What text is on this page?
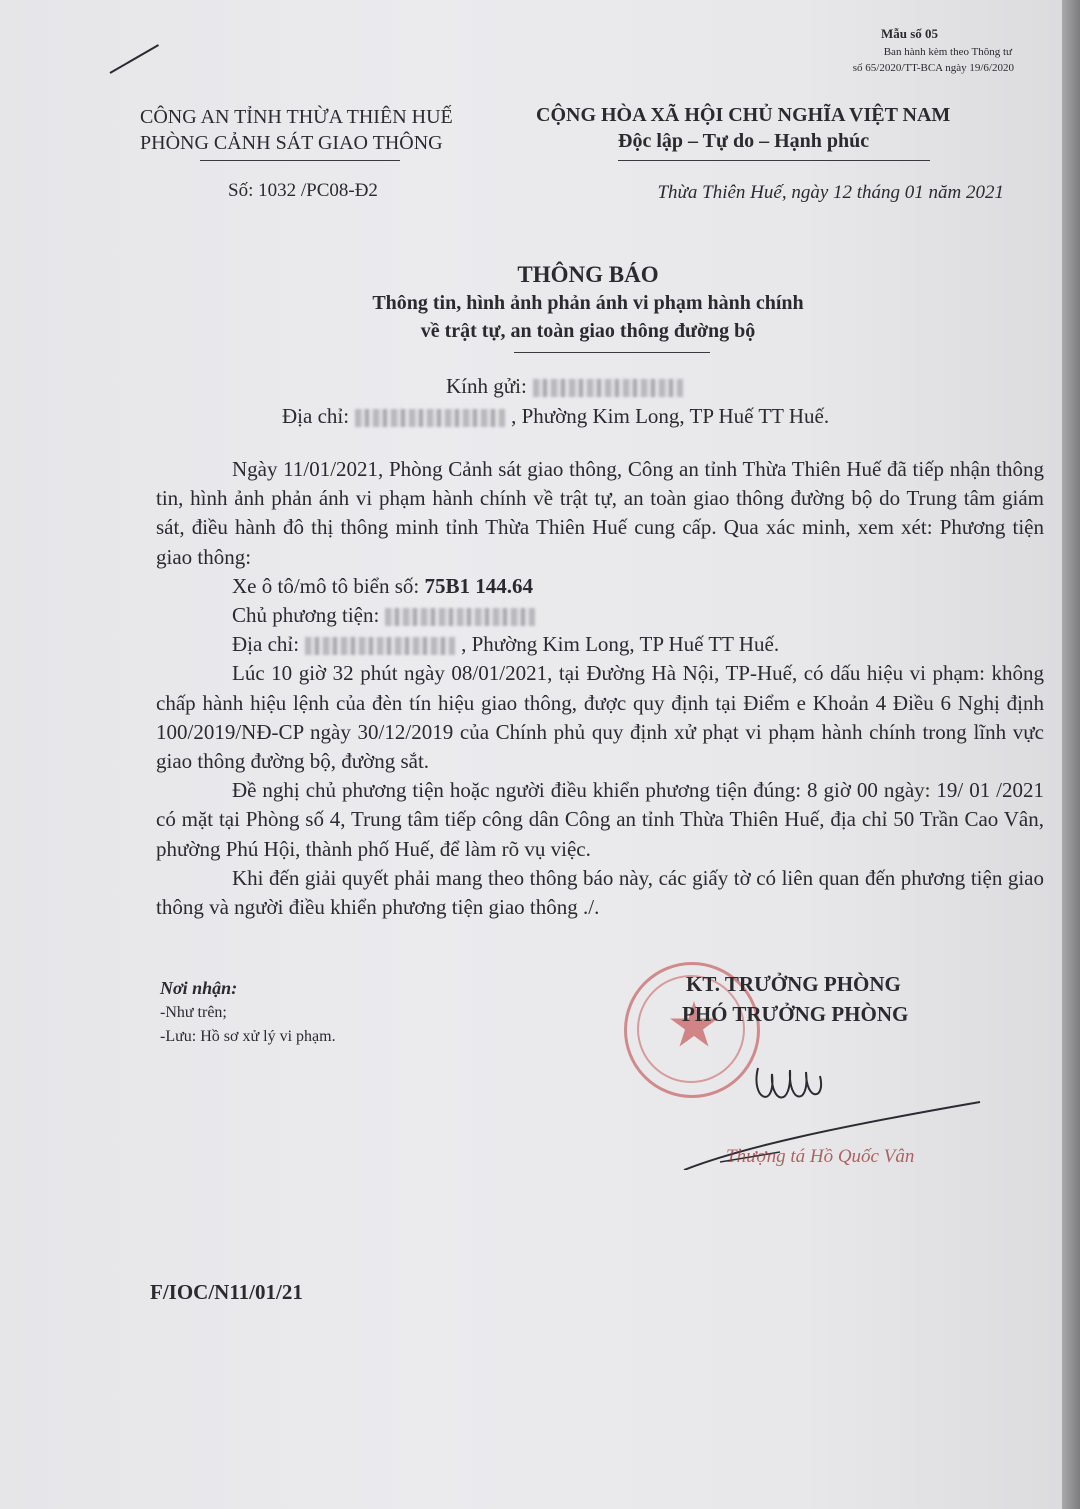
Mẫu số 05
Ban hành kèm theo Thông tư
số 65/2020/TT-BCA ngày 19/6/2020
CÔNG AN TỈNH THỪA THIÊN HUẾ
PHÒNG CẢNH SÁT GIAO THÔNG
CỘNG HÒA XÃ HỘI CHỦ NGHĨA VIỆT NAM
Độc lập – Tự do – Hạnh phúc
Số: 1032 /PC08-Đ2	Thừa Thiên Huế, ngày 12 tháng 01 năm 2021
THÔNG BÁO
Thông tin, hình ảnh phản ánh vi phạm hành chính
về trật tự, an toàn giao thông đường bộ
Kính gửi:
Địa chỉ:	, Phường Kim Long, TP Huế TT Huế.

Ngày 11/01/2021, Phòng Cảnh sát giao thông, Công an tỉnh Thừa Thiên Huế đã tiếp nhận thông tin, hình ảnh phản ánh vi phạm hành chính về trật tự, an toàn giao thông đường bộ do Trung tâm giám sát, điều hành đô thị thông minh tỉnh Thừa Thiên Huế cung cấp. Qua xác minh, xem xét: Phương tiện giao thông:

Xe ô tô/mô tô biển số: 75B1 144.64

Chủ phương tiện:

Địa chỉ:	, Phường Kim Long, TP Huế TT Huế.

Lúc 10 giờ 32 phút ngày 08/01/2021, tại Đường Hà Nội, TP-Huế, có dấu hiệu vi phạm: không chấp hành hiệu lệnh của đèn tín hiệu giao thông, được quy định tại Điểm e Khoản 4 Điều 6 Nghị định 100/2019/NĐ-CP ngày 30/12/2019 của Chính phủ quy định xử phạt vi phạm hành chính trong lĩnh vực giao thông đường bộ, đường sắt.

Đề nghị chủ phương tiện hoặc người điều khiển phương tiện đúng: 8 giờ 00 ngày: 19/ 01 /2021 có mặt tại Phòng số 4, Trung tâm tiếp công dân Công an tỉnh Thừa Thiên Huế, địa chỉ 50 Trần Cao Vân, phường Phú Hội, thành phố Huế, để làm rõ vụ việc.

Khi đến giải quyết phải mang theo thông báo này, các giấy tờ có liên quan đến phương tiện giao thông và người điều khiển phương tiện giao thông ./.

Nơi nhận:
-Như trên;
-Lưu: Hồ sơ xử lý vi phạm.
KT. TRƯỞNG PHÒNG
PHÓ TRƯỞNG PHÒNG
Thượng tá Hồ Quốc Vân
F/IOC/N11/01/21
